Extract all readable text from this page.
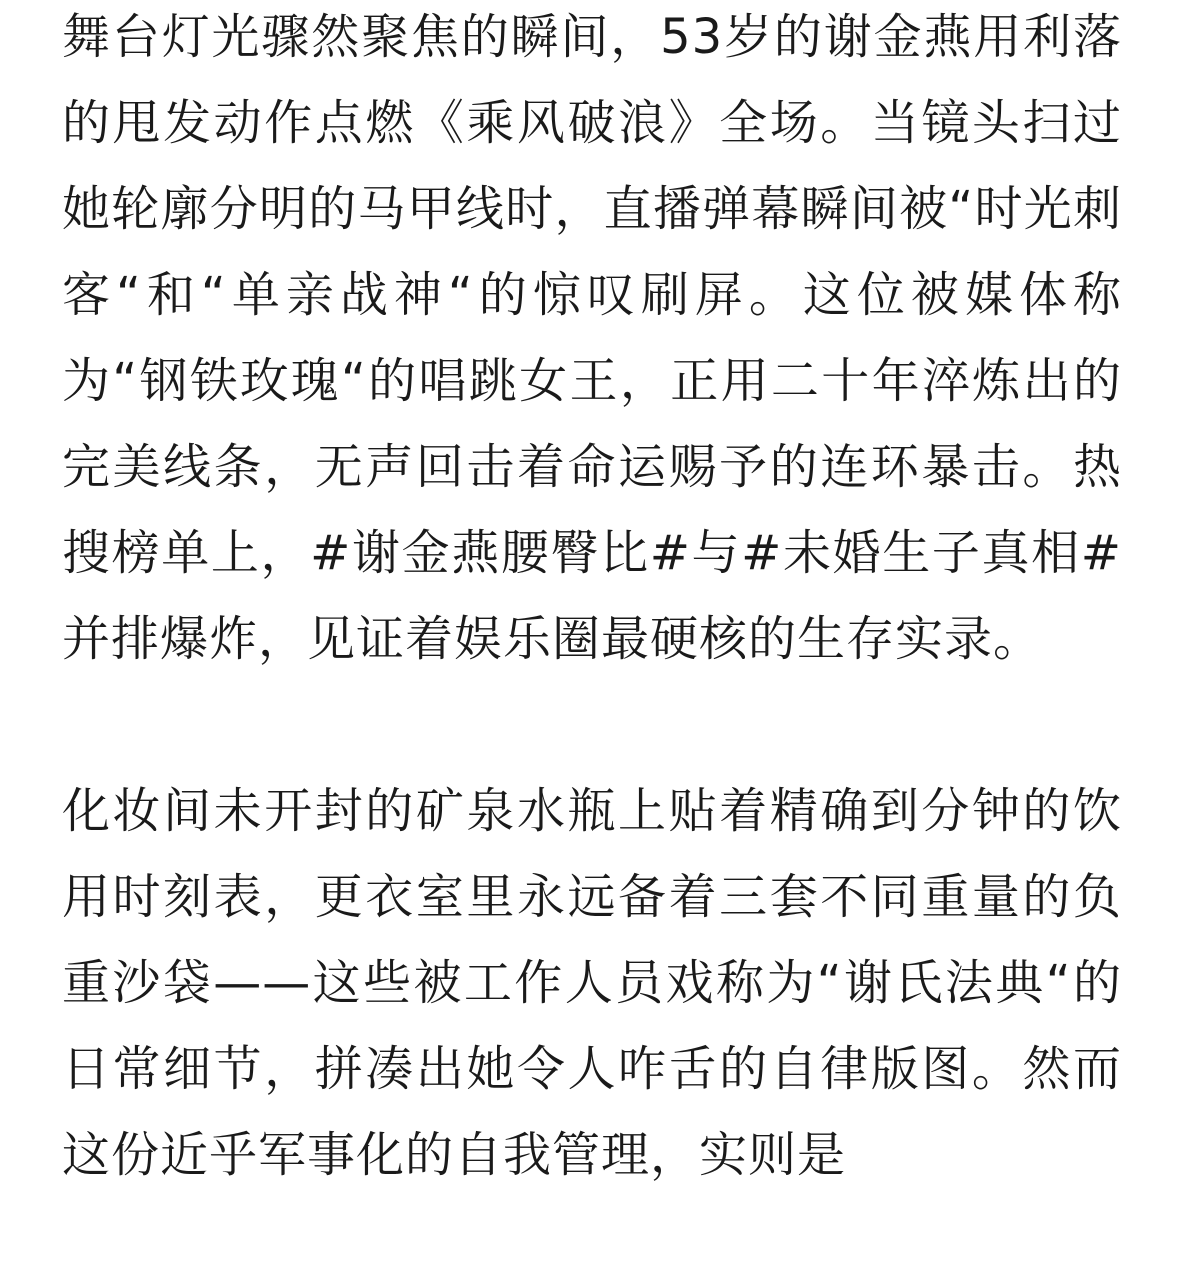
舞台灯光骤然聚焦的瞬间，53岁的谢金燕用利落的甩发动作点燃《乘风破浪》全场。当镜头扫过她轮廓分明的马甲线时，直播弹幕瞬间被“时光刺客“和“单亲战神“的惊叹刷屏。这位被媒体称为“钢铁玫瑰“的唱跳女王，正用二十年淬炼出的完美线条，无声回击着命运赐予的连环暴击。热搜榜单上，#谢金燕腰臀比#与#未婚生子真相#并排爆炸，见证着娱乐圈最硬核的生存实录。

化妆间未开封的矿泉水瓶上贴着精确到分钟的饮用时刻表，更衣室里永远备着三套不同重量的负重沙袋——这些被工作人员戏称为“谢氏法典“的日常细节，拼凑出她令人咋舌的自律版图。然而这份近乎军事化的自我管理，实则是
